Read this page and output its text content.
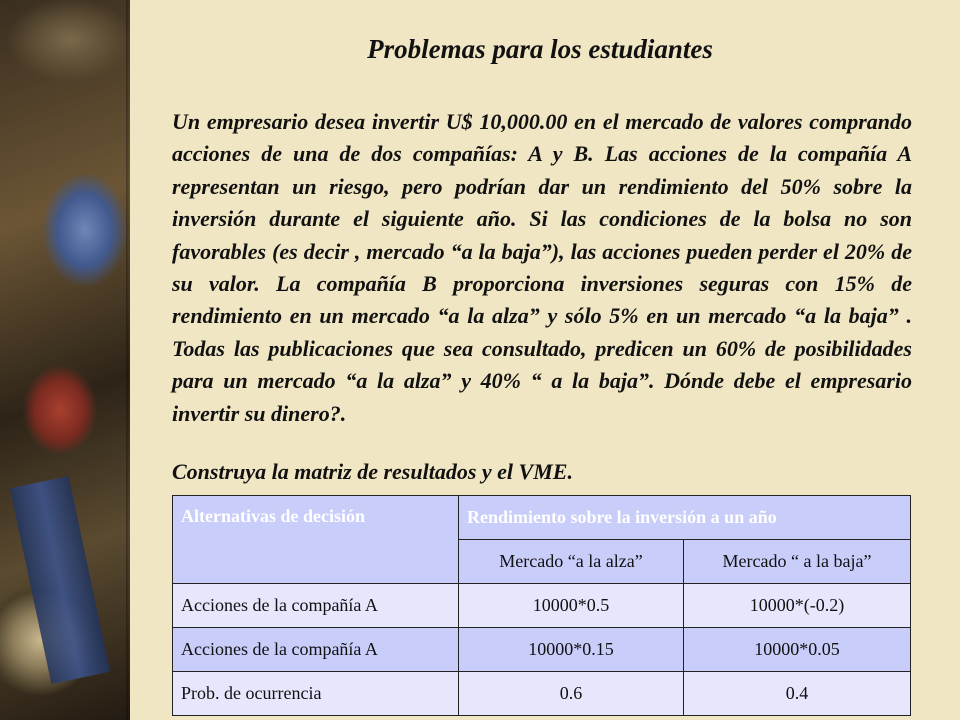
Problemas para los estudiantes

Un empresario desea invertir U$ 10,000.00 en el mercado de valores comprando acciones de una de dos compañías: A y B. Las acciones de la compañía A representan un riesgo, pero podrían dar un rendimiento del 50% sobre la inversión durante el siguiente año. Si las condiciones de la bolsa no son favorables (es decir , mercado “a la baja”), las acciones pueden perder el 20% de su valor. La compañía B proporciona inversiones seguras con 15% de rendimiento en un mercado “a la alza” y sólo 5% en un mercado “a la baja” . Todas las publicaciones que sea consultado, predicen un 60% de posibilidades para un mercado “a la alza” y 40% “ a la baja”. Dónde debe el empresario invertir su dinero?.

Construya la matriz de resultados y el VME.

Alternativas de decisión	Rendimiento sobre la inversión a un año	
	Mercado “a la alza”	Mercado “ a la baja”
Acciones de la compañía A	10000*0.5	10000*(-0.2)
Acciones de la compañía A	10000*0.15	10000*0.05
Prob. de ocurrencia	0.6	0.4
